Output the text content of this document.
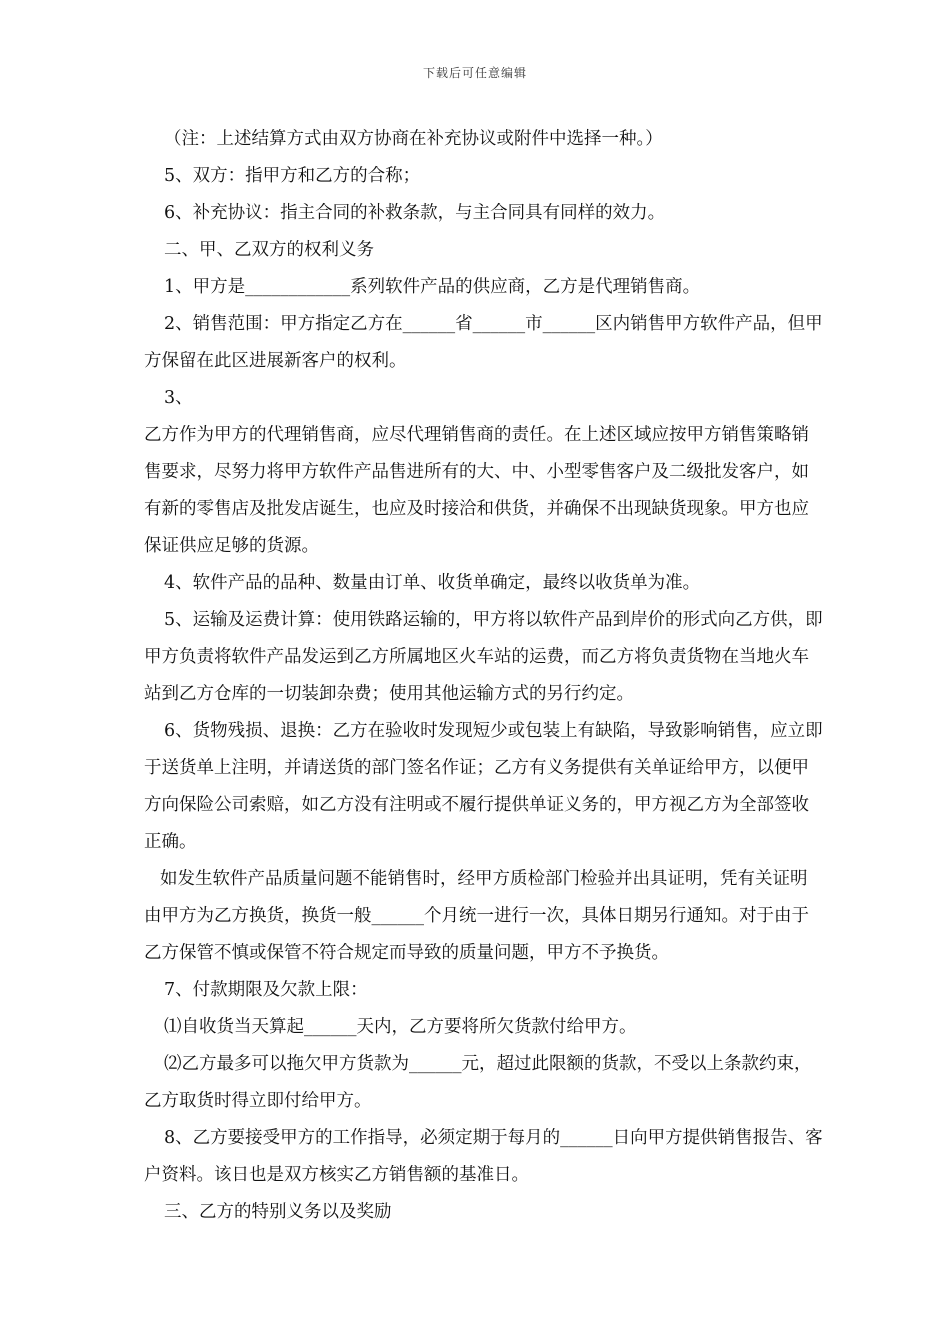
下载后可任意编辑

（注：上述结算方式由双方协商在补充协议或附件中选择一种。）

5、双方：指甲方和乙方的合称；

6、补充协议：指主合同的补救条款，与主合同具有同样的效力。

二、甲、乙双方的权利义务

1、甲方是____________系列软件产品的供应商，乙方是代理销售商。

2、销售范围：甲方指定乙方在______省______市______区内销售甲方软件产品，但甲方保留在此区进展新客户的权利。

3、

乙方作为甲方的代理销售商，应尽代理销售商的责任。在上述区域应按甲方销售策略销售要求，尽努力将甲方软件产品售进所有的大、中、小型零售客户及二级批发客户，如有新的零售店及批发店诞生，也应及时接洽和供货，并确保不出现缺货现象。甲方也应保证供应足够的货源。

4、软件产品的品种、数量由订单、收货单确定，最终以收货单为准。

5、运输及运费计算：使用铁路运输的，甲方将以软件产品到岸价的形式向乙方供，即甲方负责将软件产品发运到乙方所属地区火车站的运费，而乙方将负责货物在当地火车站到乙方仓库的一切装卸杂费；使用其他运输方式的另行约定。

6、货物残损、退换：乙方在验收时发现短少或包装上有缺陷，导致影响销售，应立即于送货单上注明，并请送货的部门签名作证；乙方有义务提供有关单证给甲方，以便甲方向保险公司索赔，如乙方没有注明或不履行提供单证义务的，甲方视乙方为全部签收正确。

如发生软件产品质量问题不能销售时，经甲方质检部门检验并出具证明，凭有关证明由甲方为乙方换货，换货一般______个月统一进行一次，具体日期另行通知。对于由于乙方保管不慎或保管不符合规定而导致的质量问题，甲方不予换货。

7、付款期限及欠款上限：

⑴自收货当天算起______天内，乙方要将所欠货款付给甲方。

⑵乙方最多可以拖欠甲方货款为______元，超过此限额的货款，不受以上条款约束，乙方取货时得立即付给甲方。

8、乙方要接受甲方的工作指导，必须定期于每月的______日向甲方提供销售报告、客户资料。该日也是双方核实乙方销售额的基准日。

三、乙方的特别义务以及奖励
